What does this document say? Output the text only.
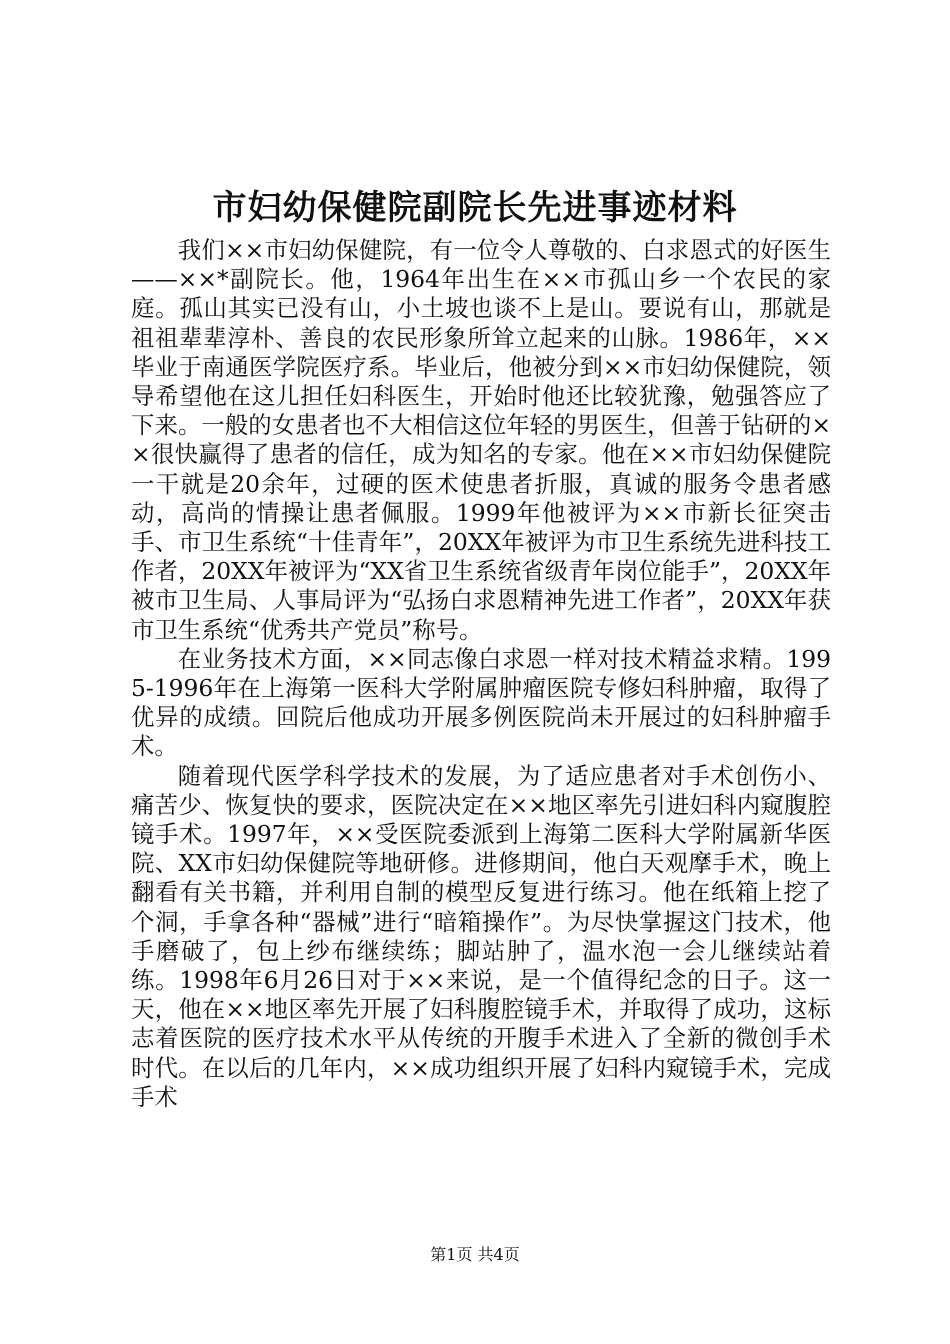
市妇幼保健院副院长先进事迹材料

我们××市妇幼保健院，有一位令人尊敬的、白求恩式的好医生——××*副院长。他，1964年出生在××市孤山乡一个农民的家庭。孤山其实已没有山，小土坡也谈不上是山。要说有山，那就是祖祖辈辈淳朴、善良的农民形象所耸立起来的山脉。1986年，××毕业于南通医学院医疗系。毕业后，他被分到××市妇幼保健院，领导希望他在这儿担任妇科医生，开始时他还比较犹豫，勉强答应了下来。一般的女患者也不大相信这位年轻的男医生，但善于钻研的××很快赢得了患者的信任，成为知名的专家。他在××市妇幼保健院一干就是20余年，过硬的医术使患者折服，真诚的服务令患者感动，高尚的情操让患者佩服。1999年他被评为××市新长征突击手、市卫生系统“十佳青年”，20XX年被评为市卫生系统先进科技工作者，20XX年被评为“XX省卫生系统省级青年岗位能手”，20XX年被市卫生局、人事局评为“弘扬白求恩精神先进工作者”，20XX年获市卫生系统“优秀共产党员”称号。

在业务技术方面，××同志像白求恩一样对技术精益求精。1995-1996年在上海第一医科大学附属肿瘤医院专修妇科肿瘤，取得了优异的成绩。回院后他成功开展多例医院尚未开展过的妇科肿瘤手术。

随着现代医学科学技术的发展，为了适应患者对手术创伤小、痛苦少、恢复快的要求，医院决定在××地区率先引进妇科内窥腹腔镜手术。1997年，××受医院委派到上海第二医科大学附属新华医院、XX市妇幼保健院等地研修。进修期间，他白天观摩手术，晚上翻看有关书籍，并利用自制的模型反复进行练习。他在纸箱上挖了个洞，手拿各种“器械”进行“暗箱操作”。为尽快掌握这门技术，他手磨破了，包上纱布继续练；脚站肿了，温水泡一会儿继续站着练。1998年6月26日对于××来说，是一个值得纪念的日子。这一天，他在××地区率先开展了妇科腹腔镜手术，并取得了成功，这标志着医院的医疗技术水平从传统的开腹手术进入了全新的微创手术时代。在以后的几年内，××成功组织开展了妇科内窥镜手术，完成手术

第1页 共4页
